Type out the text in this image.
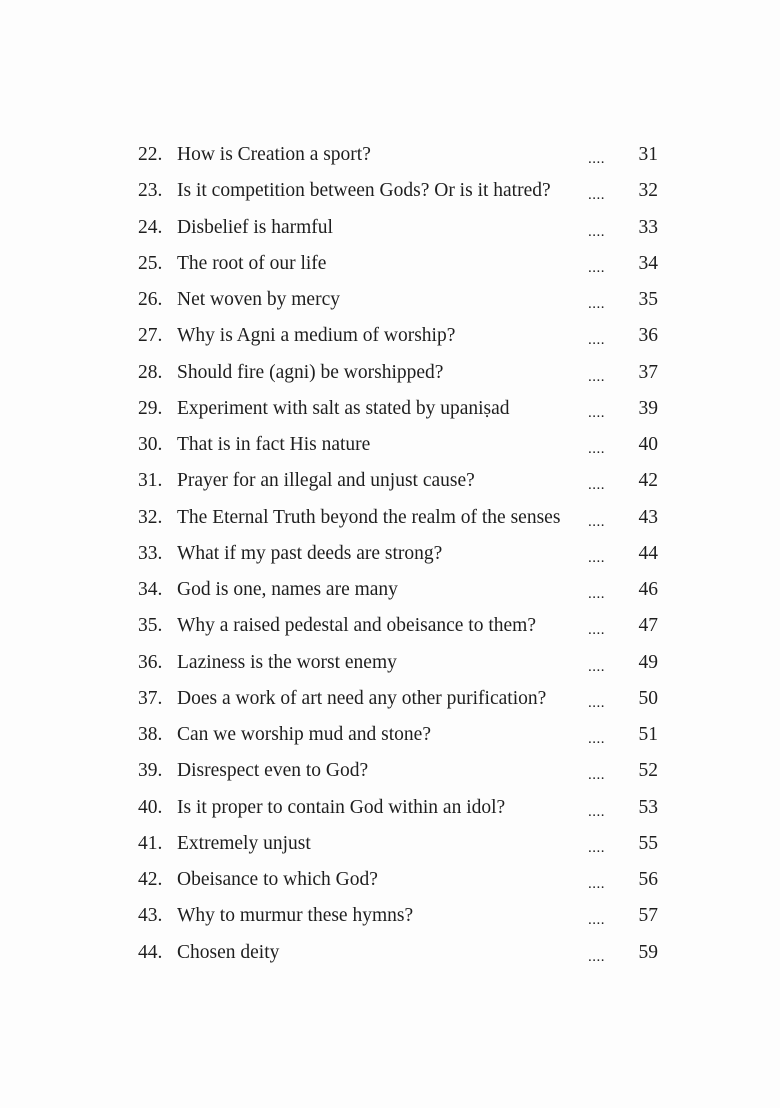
22. How is Creation a sport?	....	31
23. Is it competition between Gods? Or is it hatred?	....	32
24. Disbelief is harmful	....	33
25. The root of our life	....	34
26. Net woven by mercy	....	35
27. Why is Agni a medium of worship?	....	36
28. Should fire (agni) be worshipped?	....	37
29. Experiment with salt as stated by upaniṣad	....	39
30. That is in fact His nature	....	40
31. Prayer for an illegal and unjust cause?	....	42
32. The Eternal Truth beyond the realm of the senses	....	43
33. What if my past deeds are strong?	....	44
34. God is one, names are many	....	46
35. Why a raised pedestal and obeisance to them?	....	47
36. Laziness is the worst enemy	....	49
37. Does a work of art need any other purification?	....	50
38. Can we worship mud and stone?	....	51
39. Disrespect even to God?	....	52
40. Is it proper to contain God within an idol?	....	53
41. Extremely unjust	....	55
42. Obeisance to which God?	....	56
43. Why to murmur these hymns?	....	57
44. Chosen deity	....	59
